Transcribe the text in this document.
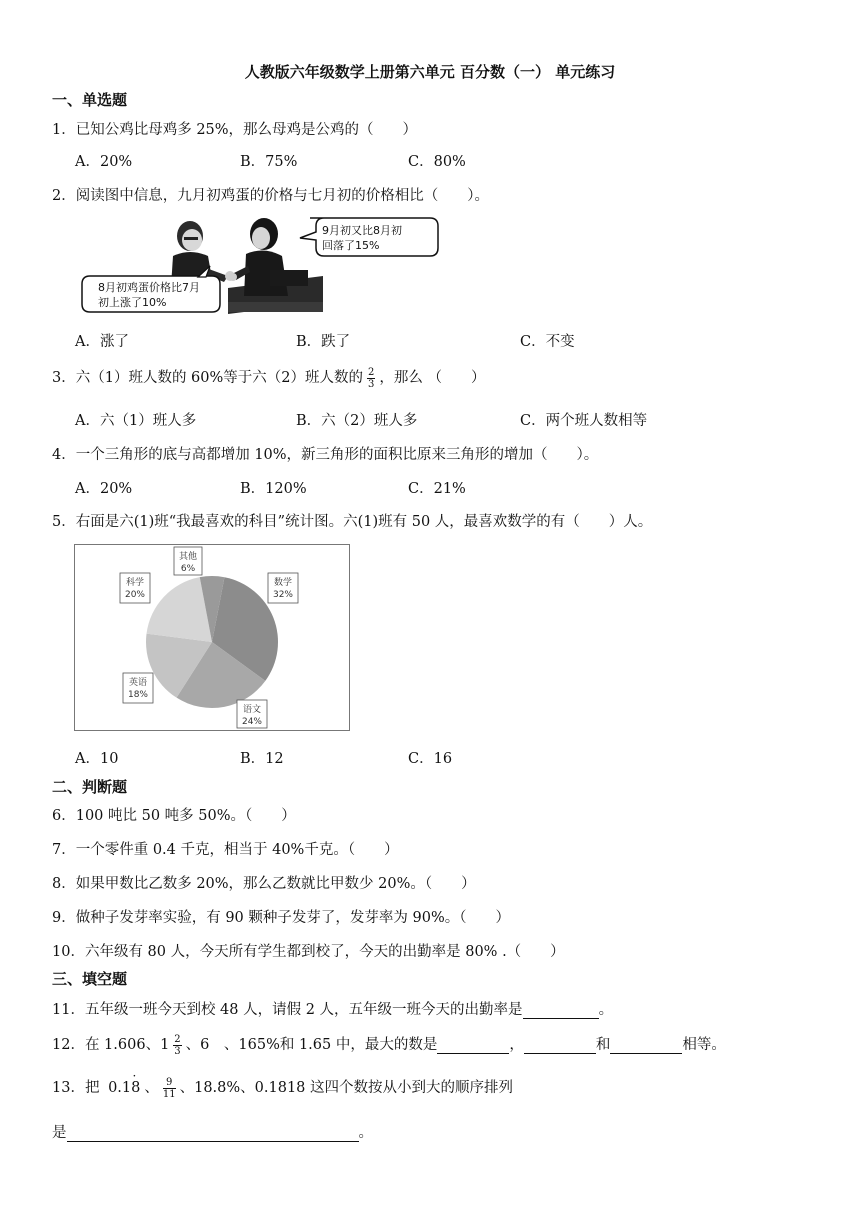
人教版六年级数学上册第六单元 百分数（一） 单元练习
一、单选题
1．已知公鸡比母鸡多 25%，那么母鸡是公鸡的（　　）
A．20%	B．75%	C．80%
2．阅读图中信息，九月初鸡蛋的价格与七月初的价格相比（　　）。
9月初又比8月初
回落了15%
8月初鸡蛋价格比7月
初上涨了10%
A．涨了	B．跌了	C．不变
3．六（1）班人数的 60%等于六（2）班人数的 $\frac{2}{3}$ ，那么 （　　）
A．六（1）班人多	B．六（2）班人多	C．两个班人数相等
4．一个三角形的底与高都增加 10%，新三角形的面积比原来三角形的增加（　　）。
A．20%	B．120%	C．21%
5．右面是六(1)班“我最喜欢的科目”统计图。六(1)班有 50 人，最喜欢数学的有（　　）人。
数学
32%
语文
24%
英语
18%
科学
20%
其他
6%
A．10	B．12	C．16
二、判断题
6．100 吨比 50 吨多 50%。（　　）
7．一个零件重 0.4 千克，相当于 40%千克。（　　）
8．如果甲数比乙数多 20%，那么乙数就比甲数少 20%。（　　）
9．做种子发芽率实验，有 90 颗种子发芽了，发芽率为 90%。（　　）
10．六年级有 80 人，今天所有学生都到校了，今天的出勤率是 80% .（　　）
三、填空题
11．五年级一班今天到校 48 人，请假 2 人，五年级一班今天的出勤率是	。
12．在 1.606、$1 \frac{2}{3}$ 、6　、165%和 1.65 中，最大的数是	，	和	相等。
13．把 0.18
·
、 $\frac{9}{11}$ 、18.8%、0.1818 这四个数按从小到大的顺序排列
是	。
